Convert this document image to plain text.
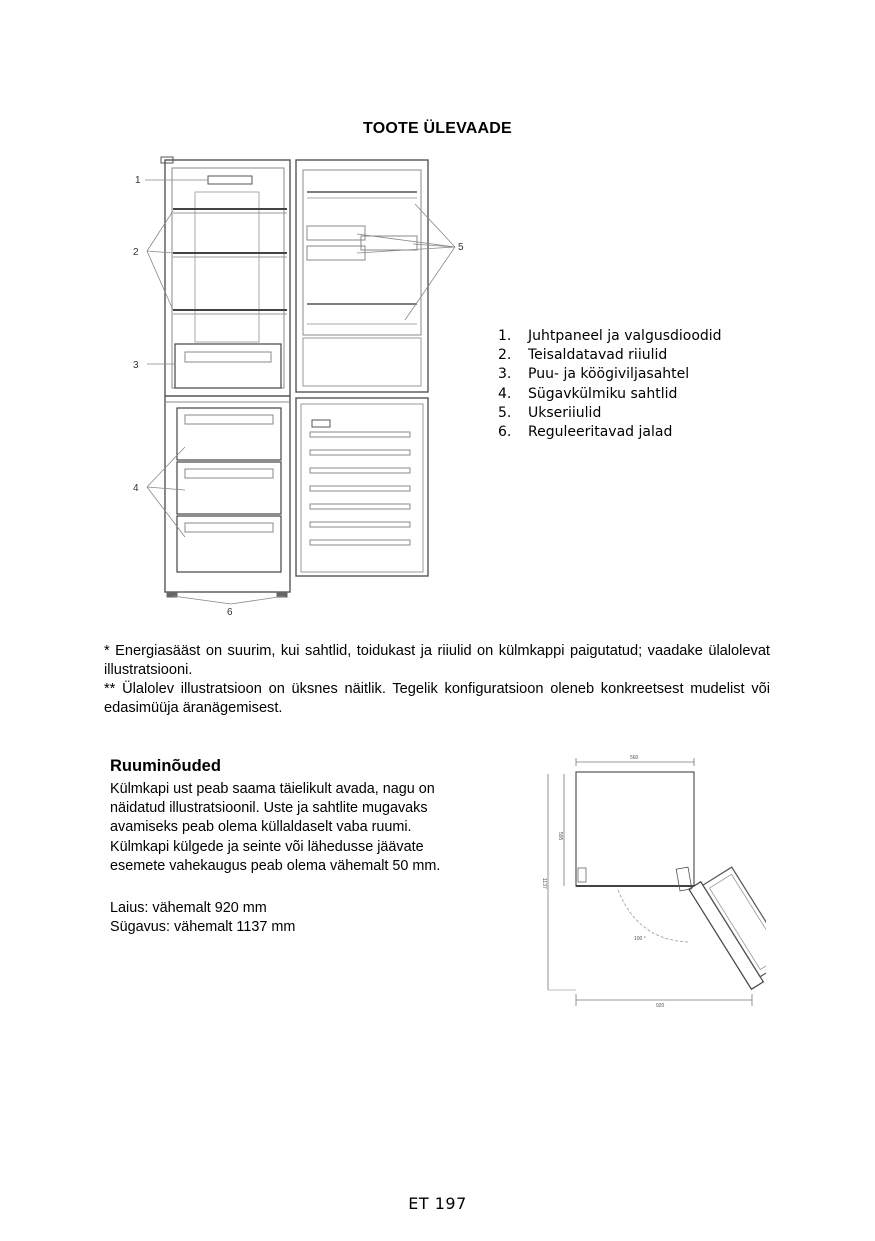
TOOTE ÜLEVAADE
1
2
3
4
5
6
1. Juhtpaneel ja valgusdioodid
2. Teisaldatavad riiulid
3. Puu- ja köögiviljasahtel
4. Sügavkülmiku sahtlid
5. Ukseriiulid
6. Reguleeritavad jalad

* Energiasääst on suurim, kui sahtlid, toidukast ja riiulid on külmkappi paigutatud; vaadake ülalolevat illustratsiooni.

** Ülalolev illustratsioon on üksnes näitlik. Tegelik konfiguratsioon oleneb konkreetsest mudelist või edasimüüja äranägemisest.

Ruuminõuded

Külmkapi ust peab saama täielikult avada, nagu on

näidatud illustratsioonil. Uste ja sahtlite mugavaks

avamiseks peab olema küllaldaselt vaba ruumi.

Külmkapi külgede ja seinte või lähedusse jäävate

esemete vahekaugus peab olema vähemalt 50 mm.

Laius: vähemalt 920 mm

Sügavus: vähemalt 1137 mm

560
595
1137
920
100 °
ET 197
